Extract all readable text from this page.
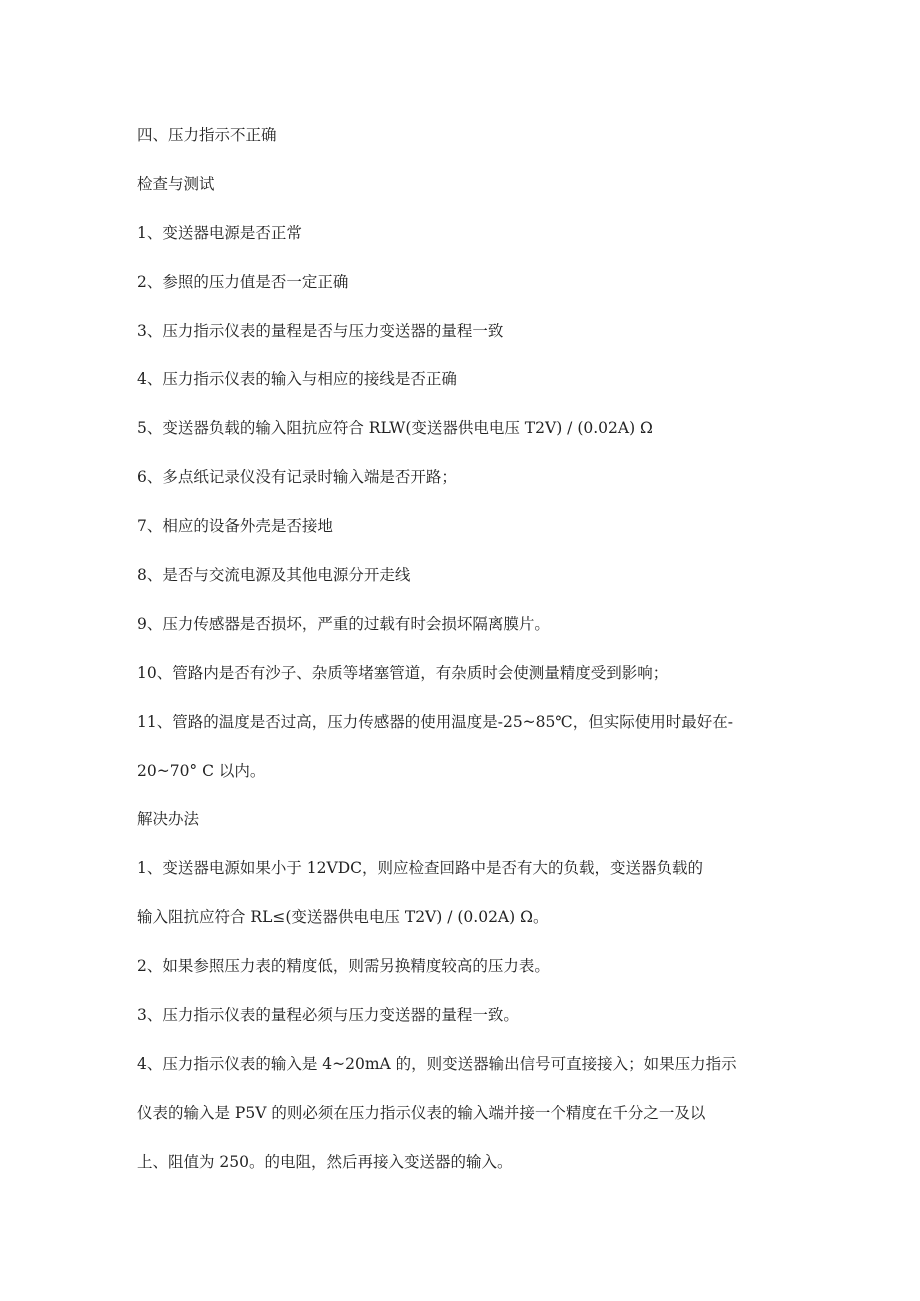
四、压力指示不正确
检查与测试
1、变送器电源是否正常
2、参照的压力值是否一定正确
3、压力指示仪表的量程是否与压力变送器的量程一致
4、压力指示仪表的输入与相应的接线是否正确
5、变送器负载的输入阻抗应符合 RLW(变送器供电电压 T2V) / (0.02A) Ω
6、多点纸记录仪没有记录时输入端是否开路；
7、相应的设备外壳是否接地
8、是否与交流电源及其他电源分开走线
9、压力传感器是否损坏，严重的过载有时会损坏隔离膜片。
10、管路内是否有沙子、杂质等堵塞管道，有杂质时会使测量精度受到影响；
11、管路的温度是否过高，压力传感器的使用温度是-25~85℃，但实际使用时最好在-
20~70° C 以内。
解决办法
1、变送器电源如果小于 12VDC，则应检查回路中是否有大的负载，变送器负载的
输入阻抗应符合 RL≤(变送器供电电压 T2V) / (0.02A) Ω。
2、如果参照压力表的精度低，则需另换精度较高的压力表。
3、压力指示仪表的量程必须与压力变送器的量程一致。
4、压力指示仪表的输入是 4~20mA 的，则变送器输出信号可直接接入；如果压力指示
仪表的输入是 P5V 的则必须在压力指示仪表的输入端并接一个精度在千分之一及以
上、阻值为 250。的电阻，然后再接入变送器的输入。
